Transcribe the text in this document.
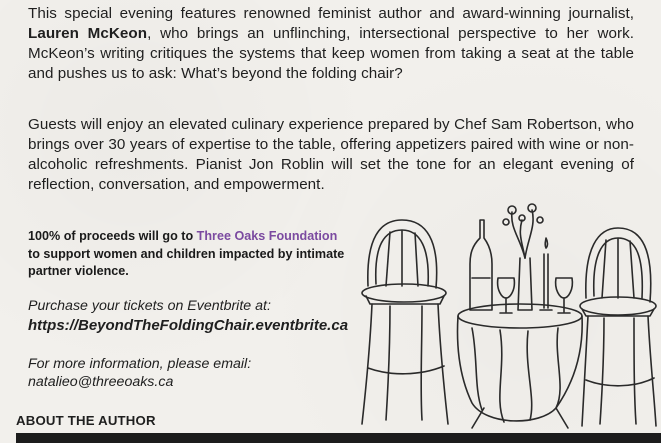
This special evening features renowned feminist author and award-winning journalist, Lauren McKeon, who brings an unflinching, intersectional perspective to her work. McKeon’s writing critiques the systems that keep women from taking a seat at the table and pushes us to ask: What’s beyond the folding chair?

Guests will enjoy an elevated culinary experience prepared by Chef Sam Robertson, who brings over 30 years of expertise to the table, offering appetizers paired with wine or non-alcoholic refreshments. Pianist Jon Roblin will set the tone for an elegant evening of reflection, conversation, and empowerment.

100% of proceeds will go to Three Oaks Foundation
to support women and children impacted by intimate partner violence.
Purchase your tickets on Eventbrite at:
https://BeyondTheFoldingChair.eventbrite.ca
For more information, please email:
natalieo@threeoaks.ca
ABOUT THE AUTHOR
